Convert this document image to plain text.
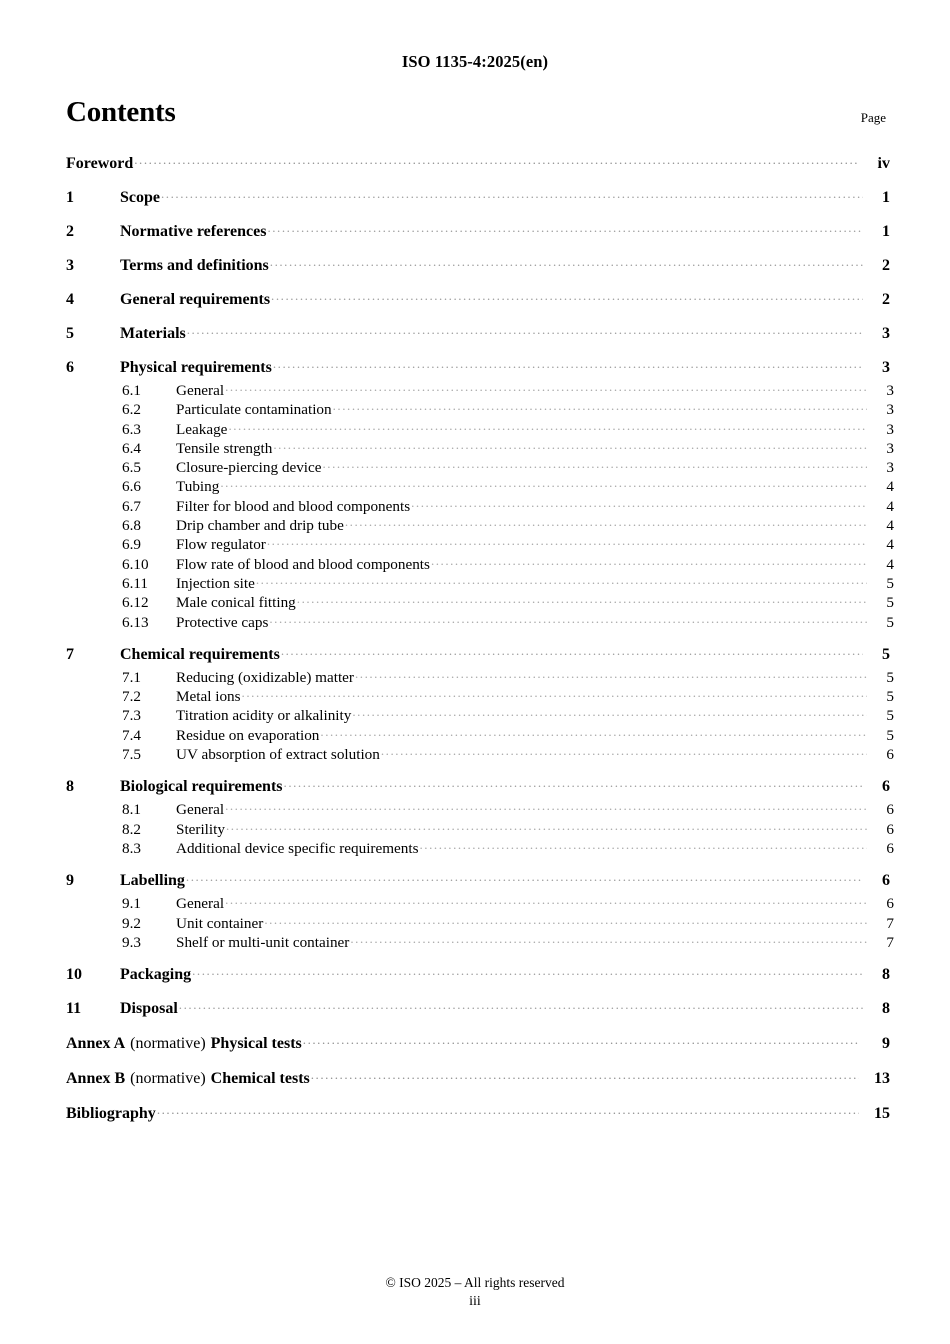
ISO 1135-4:2025(en)
Contents	Page
Foreword .....	iv
1	Scope .....	1
2	Normative references .....	1
3	Terms and definitions .....	2
4	General requirements .....	2
5	Materials .....	3
6	Physical requirements .....	3
6.1	General .....	3
6.2	Particulate contamination .....	3
6.3	Leakage .....	3
6.4	Tensile strength .....	3
6.5	Closure-piercing device .....	3
6.6	Tubing .....	4
6.7	Filter for blood and blood components .....	4
6.8	Drip chamber and drip tube .....	4
6.9	Flow regulator .....	4
6.10	Flow rate of blood and blood components .....	4
6.11	Injection site .....	5
6.12	Male conical fitting .....	5
6.13	Protective caps .....	5
7	Chemical requirements .....	5
7.1	Reducing (oxidizable) matter .....	5
7.2	Metal ions .....	5
7.3	Titration acidity or alkalinity .....	5
7.4	Residue on evaporation .....	5
7.5	UV absorption of extract solution .....	6
8	Biological requirements .....	6
8.1	General .....	6
8.2	Sterility .....	6
8.3	Additional device specific requirements .....	6
9	Labelling .....	6
9.1	General .....	6
9.2	Unit container .....	7
9.3	Shelf or multi-unit container .....	7
10	Packaging .....	8
11	Disposal .....	8
Annex A (normative) Physical tests .....	9
Annex B (normative) Chemical tests .....	13
Bibliography .....	15
© ISO 2025 – All rights reserved
iii
